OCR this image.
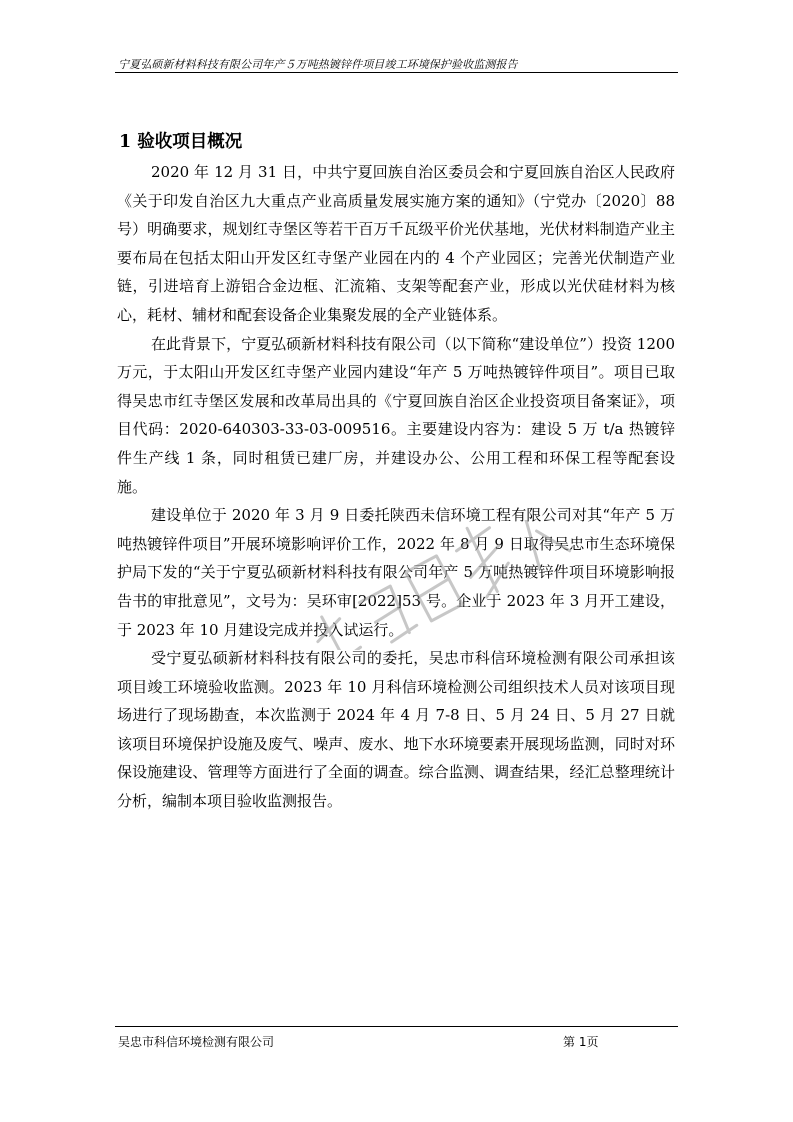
宁夏弘硕新材料科技有限公司年产５万吨热镀锌件项目竣工环境保护验收监测报告
1 验收项目概况

2020 年 12 月 31 日，中共宁夏回族自治区委员会和宁夏回族自治区人民政府《关于印发自治区九大重点产业高质量发展实施方案的通知》（宁党办〔2020〕88 号）明确要求，规划红寺堡区等若干百万千瓦级平价光伏基地，光伏材料制造产业主要布局在包括太阳山开发区红寺堡产业园在内的 4 个产业园区；完善光伏制造产业链，引进培育上游铝合金边框、汇流箱、支架等配套产业，形成以光伏硅材料为核心，耗材、辅材和配套设备企业集聚发展的全产业链体系。

在此背景下，宁夏弘硕新材料科技有限公司（以下简称“建设单位”）投资 1200 万元，于太阳山开发区红寺堡产业园内建设“年产 5 万吨热镀锌件项目”。项目已取得吴忠市红寺堡区发展和改革局出具的《宁夏回族自治区企业投资项目备案证》，项目代码：2020-640303-33-03-009516。主要建设内容为：建设 5 万 t/a 热镀锌件生产线 1 条，同时租赁已建厂房，并建设办公、公用工程和环保工程等配套设施。

建设单位于 2020 年 3 月 9 日委托陕西未信环境工程有限公司对其“年产 5 万吨热镀锌件项目”开展环境影响评价工作，2022 年 8 月 9 日取得吴忠市生态环境保护局下发的“关于宁夏弘硕新材料科技有限公司年产 5 万吨热镀锌件项目环境影响报告书的审批意见”，文号为：吴环审[2022]53 号。企业于 2023 年 3 月开工建设，于 2023 年 10 月建设完成并投入试运行。

受宁夏弘硕新材料科技有限公司的委托，吴忠市科信环境检测有限公司承担该项目竣工环境验收监测。2023 年 10 月科信环境检测公司组织技术人员对该项目现场进行了现场勘查，本次监测于 2024 年 4 月 7-8 日、5 月 24 日、5 月 27 日就该项目环境保护设施及废气、噪声、废水、地下水环境要素开展现场监测，同时对环保设施建设、管理等方面进行了全面的调查。综合监测、调查结果，经汇总整理统计分析，编制本项目验收监测报告。

吴忠市科信环境检测有限公司	第 1页
